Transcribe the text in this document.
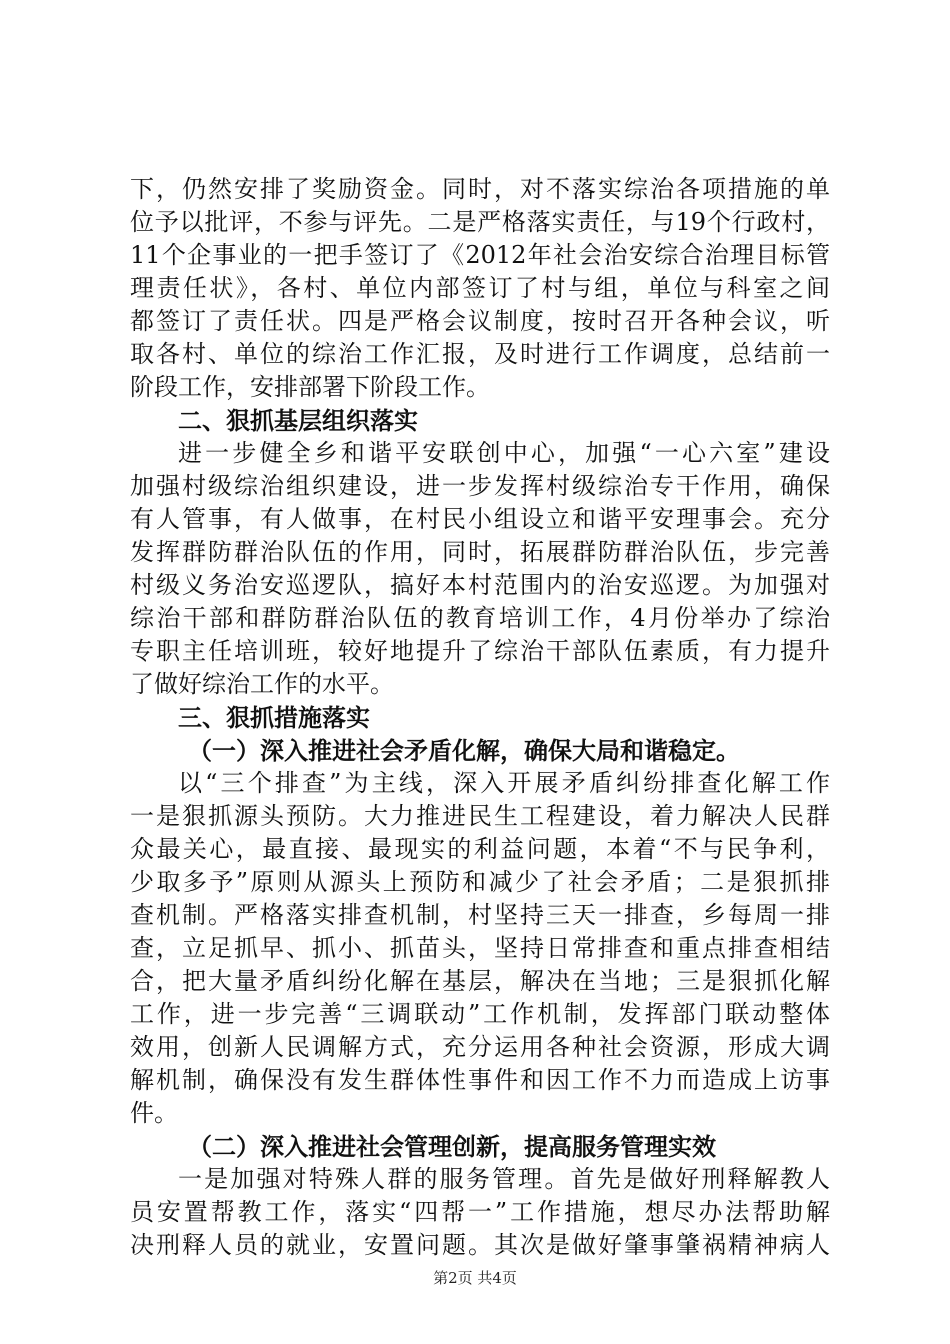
下，仍然安排了奖励资金。同时，对不落实综治各项措施的单
位予以批评，不参与评先。二是严格落实责任，与19个行政村，
11个企事业的一把手签订了《2012年社会治安综合治理目标管
理责任状》，各村、单位内部签订了村与组，单位与科室之间
都签订了责任状。四是严格会议制度，按时召开各种会议，听
取各村、单位的综治工作汇报，及时进行工作调度，总结前一
阶段工作，安排部署下阶段工作。
二、狠抓基层组织落实
进一步健全乡和谐平安联创中心，加强“一心六室”建设
加强村级综治组织建设，进一步发挥村级综治专干作用，确保
有人管事，有人做事，在村民小组设立和谐平安理事会。充分
发挥群防群治队伍的作用，同时，拓展群防群治队伍，步完善
村级义务治安巡逻队，搞好本村范围内的治安巡逻。为加强对
综治干部和群防群治队伍的教育培训工作，4月份举办了综治
专职主任培训班，较好地提升了综治干部队伍素质，有力提升
了做好综治工作的水平。
三、狠抓措施落实
（一）深入推进社会矛盾化解，确保大局和谐稳定。
以“三个排查”为主线，深入开展矛盾纠纷排查化解工作
一是狠抓源头预防。大力推进民生工程建设，着力解决人民群
众最关心，最直接、最现实的利益问题，本着“不与民争利，
少取多予”原则从源头上预防和减少了社会矛盾；二是狠抓排
查机制。严格落实排查机制，村坚持三天一排查，乡每周一排
查，立足抓早、抓小、抓苗头，坚持日常排查和重点排查相结
合，把大量矛盾纠纷化解在基层，解决在当地；三是狠抓化解
工作，进一步完善“三调联动”工作机制，发挥部门联动整体
效用，创新人民调解方式，充分运用各种社会资源，形成大调
解机制，确保没有发生群体性事件和因工作不力而造成上访事
件。
（二）深入推进社会管理创新，提高服务管理实效
一是加强对特殊人群的服务管理。首先是做好刑释解教人
员安置帮教工作，落实“四帮一”工作措施，想尽办法帮助解
决刑释人员的就业，安置问题。其次是做好肇事肇祸精神病人
第2页 共4页
